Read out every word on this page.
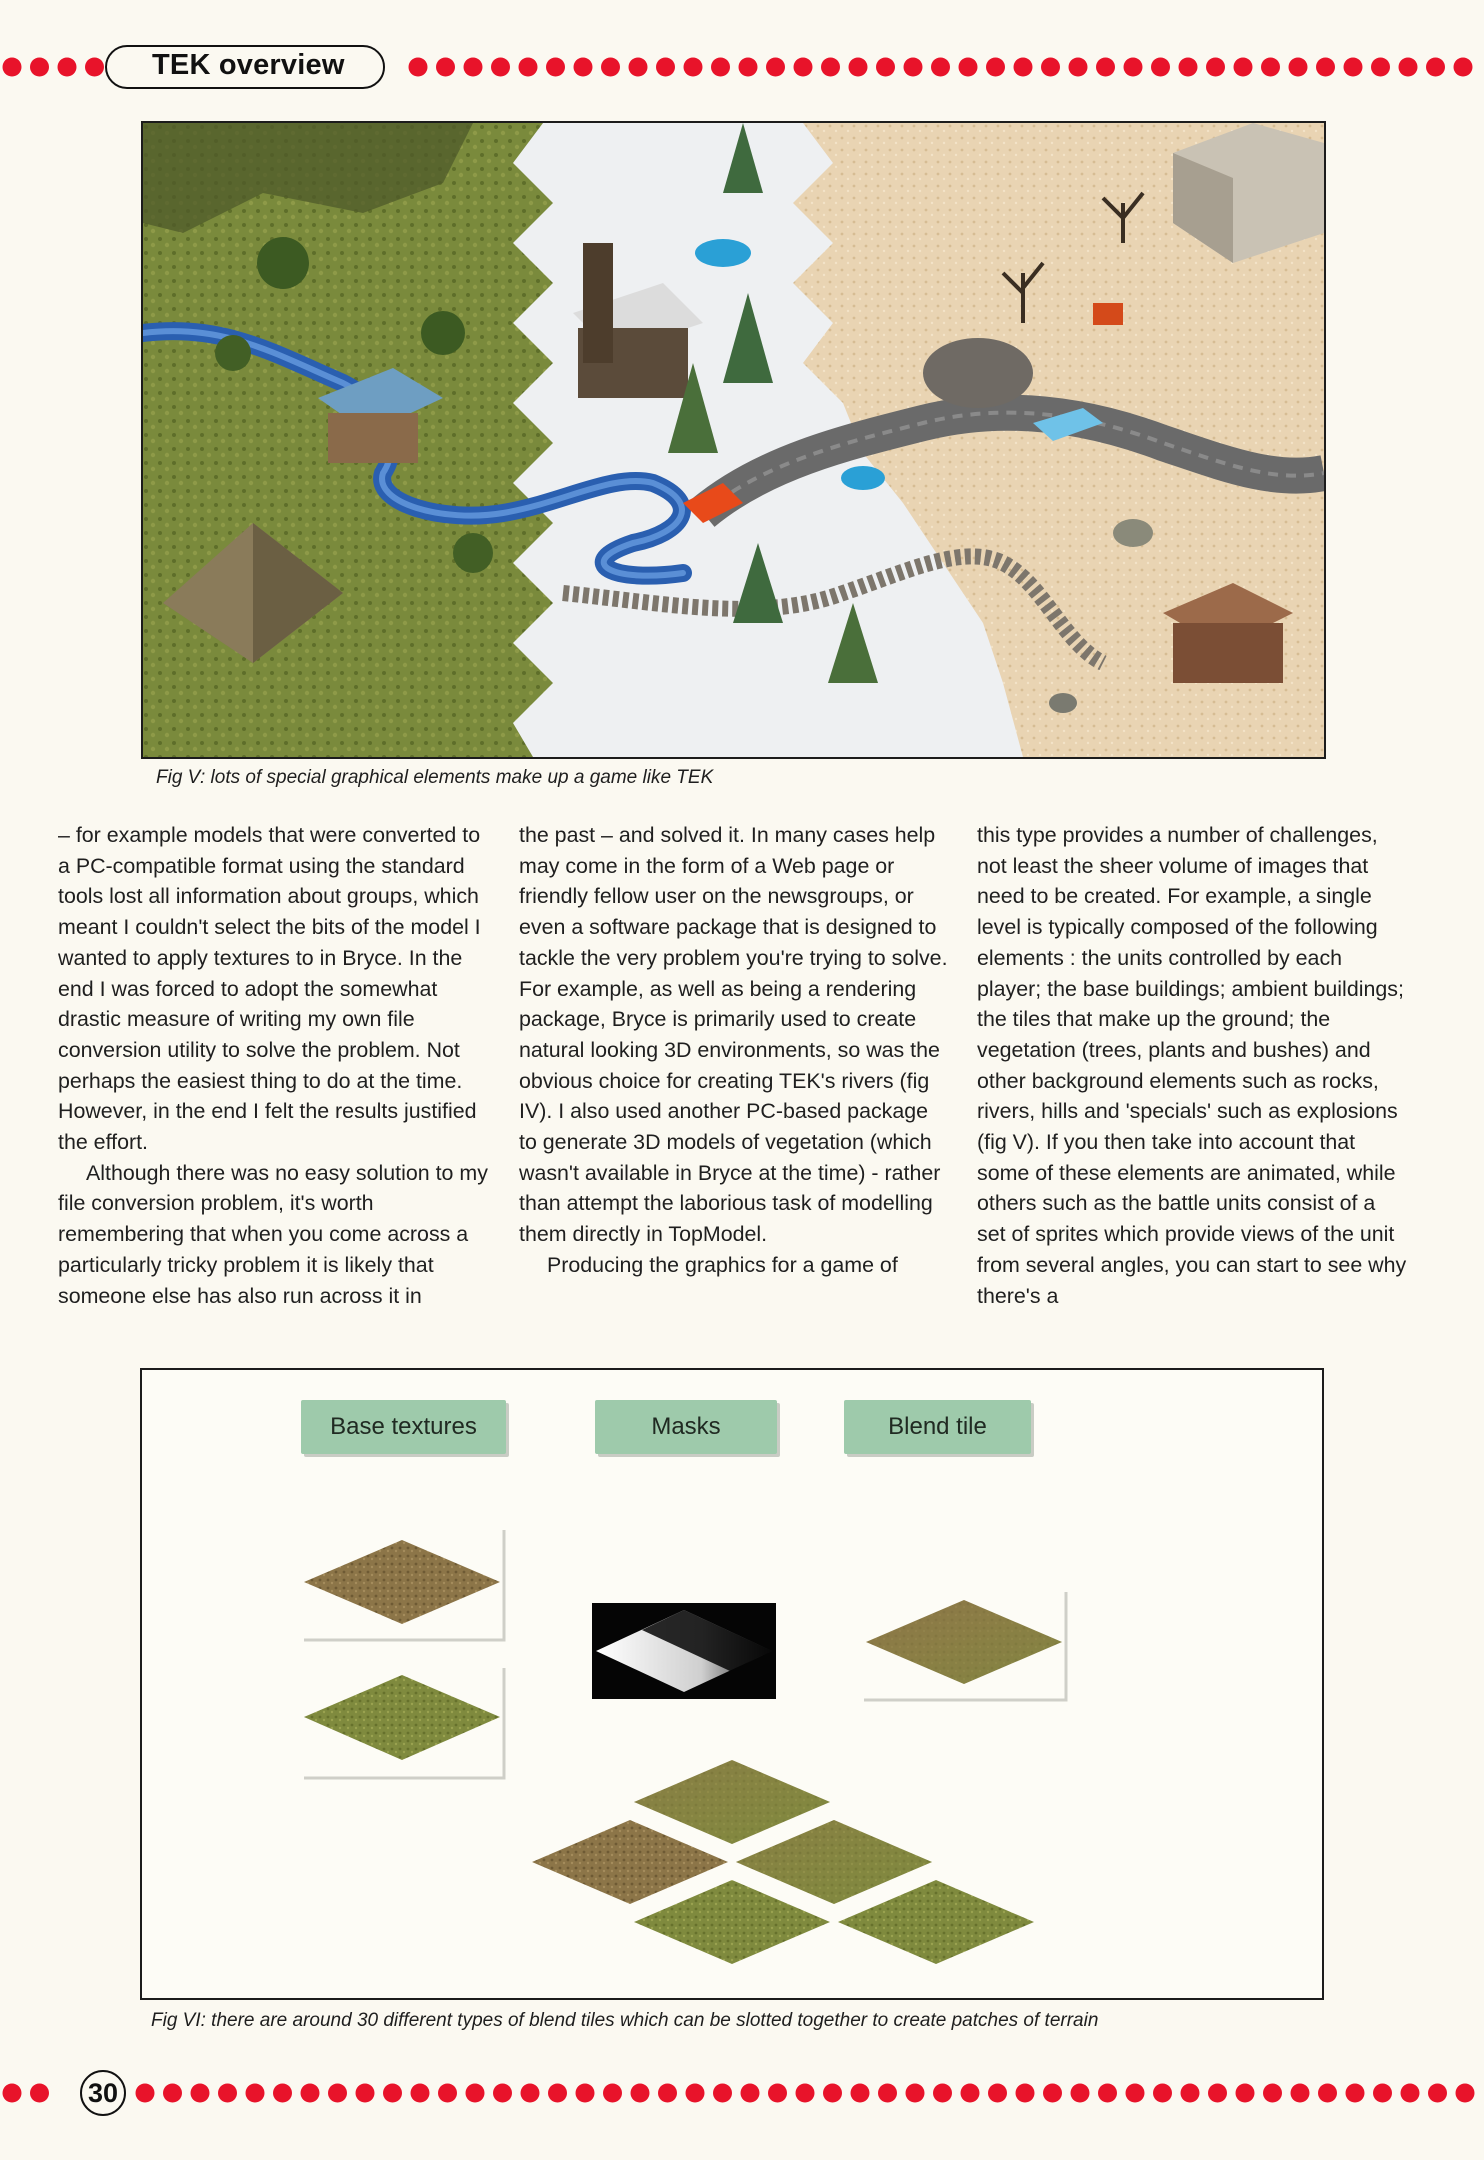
TEK overview
Fig V: lots of special graphical elements make up a game like TEK

– for example models that were converted to a PC-compatible format using the standard tools lost all information about groups, which meant I couldn't select the bits of the model I wanted to apply textures to in Bryce. In the end I was forced to adopt the somewhat drastic measure of writing my own file conversion utility to solve the problem. Not perhaps the easiest thing to do at the time. However, in the end I felt the results justified the effort.

Although there was no easy solution to my file conversion problem, it's worth remembering that when you come across a particularly tricky problem it is likely that someone else has also run across it in

the past – and solved it. In many cases help may come in the form of a Web page or friendly fellow user on the newsgroups, or even a software package that is designed to tackle the very problem you're trying to solve. For example, as well as being a rendering package, Bryce is primarily used to create natural looking 3D environments, so was the obvious choice for creating TEK's rivers (fig IV). I also used another PC-based package to generate 3D models of vegetation (which wasn't available in Bryce at the time) - rather than attempt the laborious task of modelling them directly in TopModel.

Producing the graphics for a game of

this type provides a number of challenges, not least the sheer volume of images that need to be created. For example, a single level is typically composed of the following elements : the units controlled by each player; the base buildings; ambient buildings; the tiles that make up the ground; the vegetation (trees, plants and bushes) and other background elements such as rocks, rivers, hills and 'specials' such as explosions (fig V). If you then take into account that some of these elements are animated, while others such as the battle units consist of a set of sprites which provide views of the unit from several angles, you can start to see why there's a

Base textures	Masks	Blend tile
Fig VI: there are around 30 different types of blend tiles which can be slotted together to create patches of terrain
30
